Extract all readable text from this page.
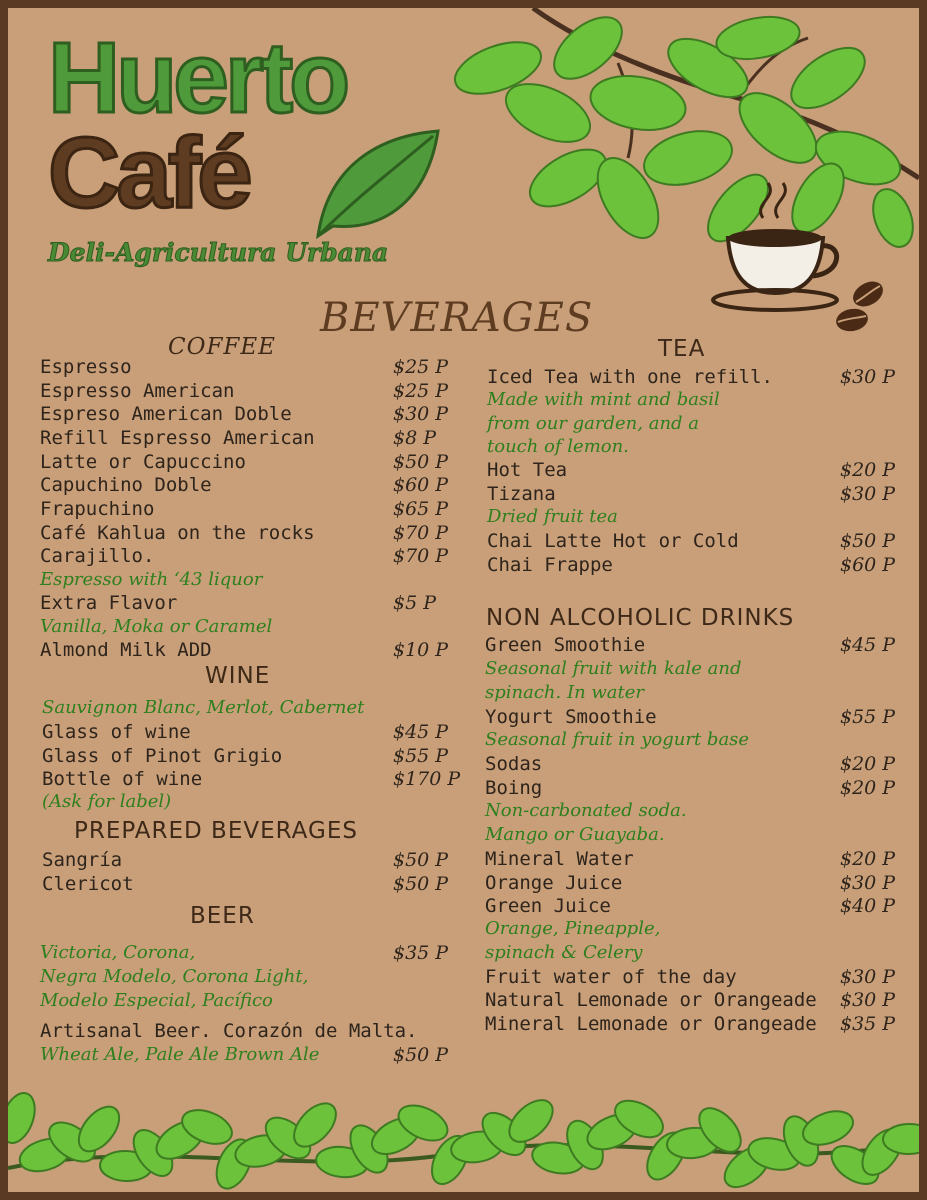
Huerto
Café
Deli-Agricultura Urbana
BEVERAGES
COFFEE
WINE
PREPARED BEVERAGES
BEER
TEA
NON ALCOHOLIC DRINKS
Espresso	$25 P
Espresso American	$25 P
Espreso American Doble	$30 P
Refill Espresso American	$8 P
Latte or Capuccino	$50 P
Capuchino Doble	$60 P
Frapuchino	$65 P
Café Kahlua on the rocks	$70 P
Carajillo.	$70 P
Espresso with ‘43 liquor
Extra Flavor	$5 P
Vanilla, Moka or Caramel
Almond Milk ADD	$10 P
Sauvignon Blanc, Merlot, Cabernet
Glass of wine	$45 P
Glass of Pinot Grigio	$55 P
Bottle of wine	$170 P
(Ask for label)
Sangría	$50 P
Clericot	$50 P
Victoria, Corona,	$35 P
Negra Modelo, Corona Light,
Modelo Especial, Pacífico
Artisanal Beer. Corazón de Malta.
Wheat Ale, Pale Ale Brown Ale	$50 P
Iced Tea with one refill.	$30 P
Made with mint and basil
from our garden, and a
touch of lemon.
Hot Tea	$20 P
Tizana	$30 P
Dried fruit tea
Chai Latte Hot or Cold	$50 P
Chai Frappe	$60 P
Green Smoothie	$45 P
Seasonal fruit with kale and
spinach. In water
Yogurt Smoothie	$55 P
Seasonal fruit in yogurt base
Sodas	$20 P
Boing	$20 P
Non-carbonated soda.
Mango or Guayaba.
Mineral Water	$20 P
Orange Juice	$30 P
Green Juice	$40 P
Orange, Pineapple,
spinach & Celery
Fruit water of the day	$30 P
Natural Lemonade or Orangeade $30 P
Mineral Lemonade or Orangeade $35 P
